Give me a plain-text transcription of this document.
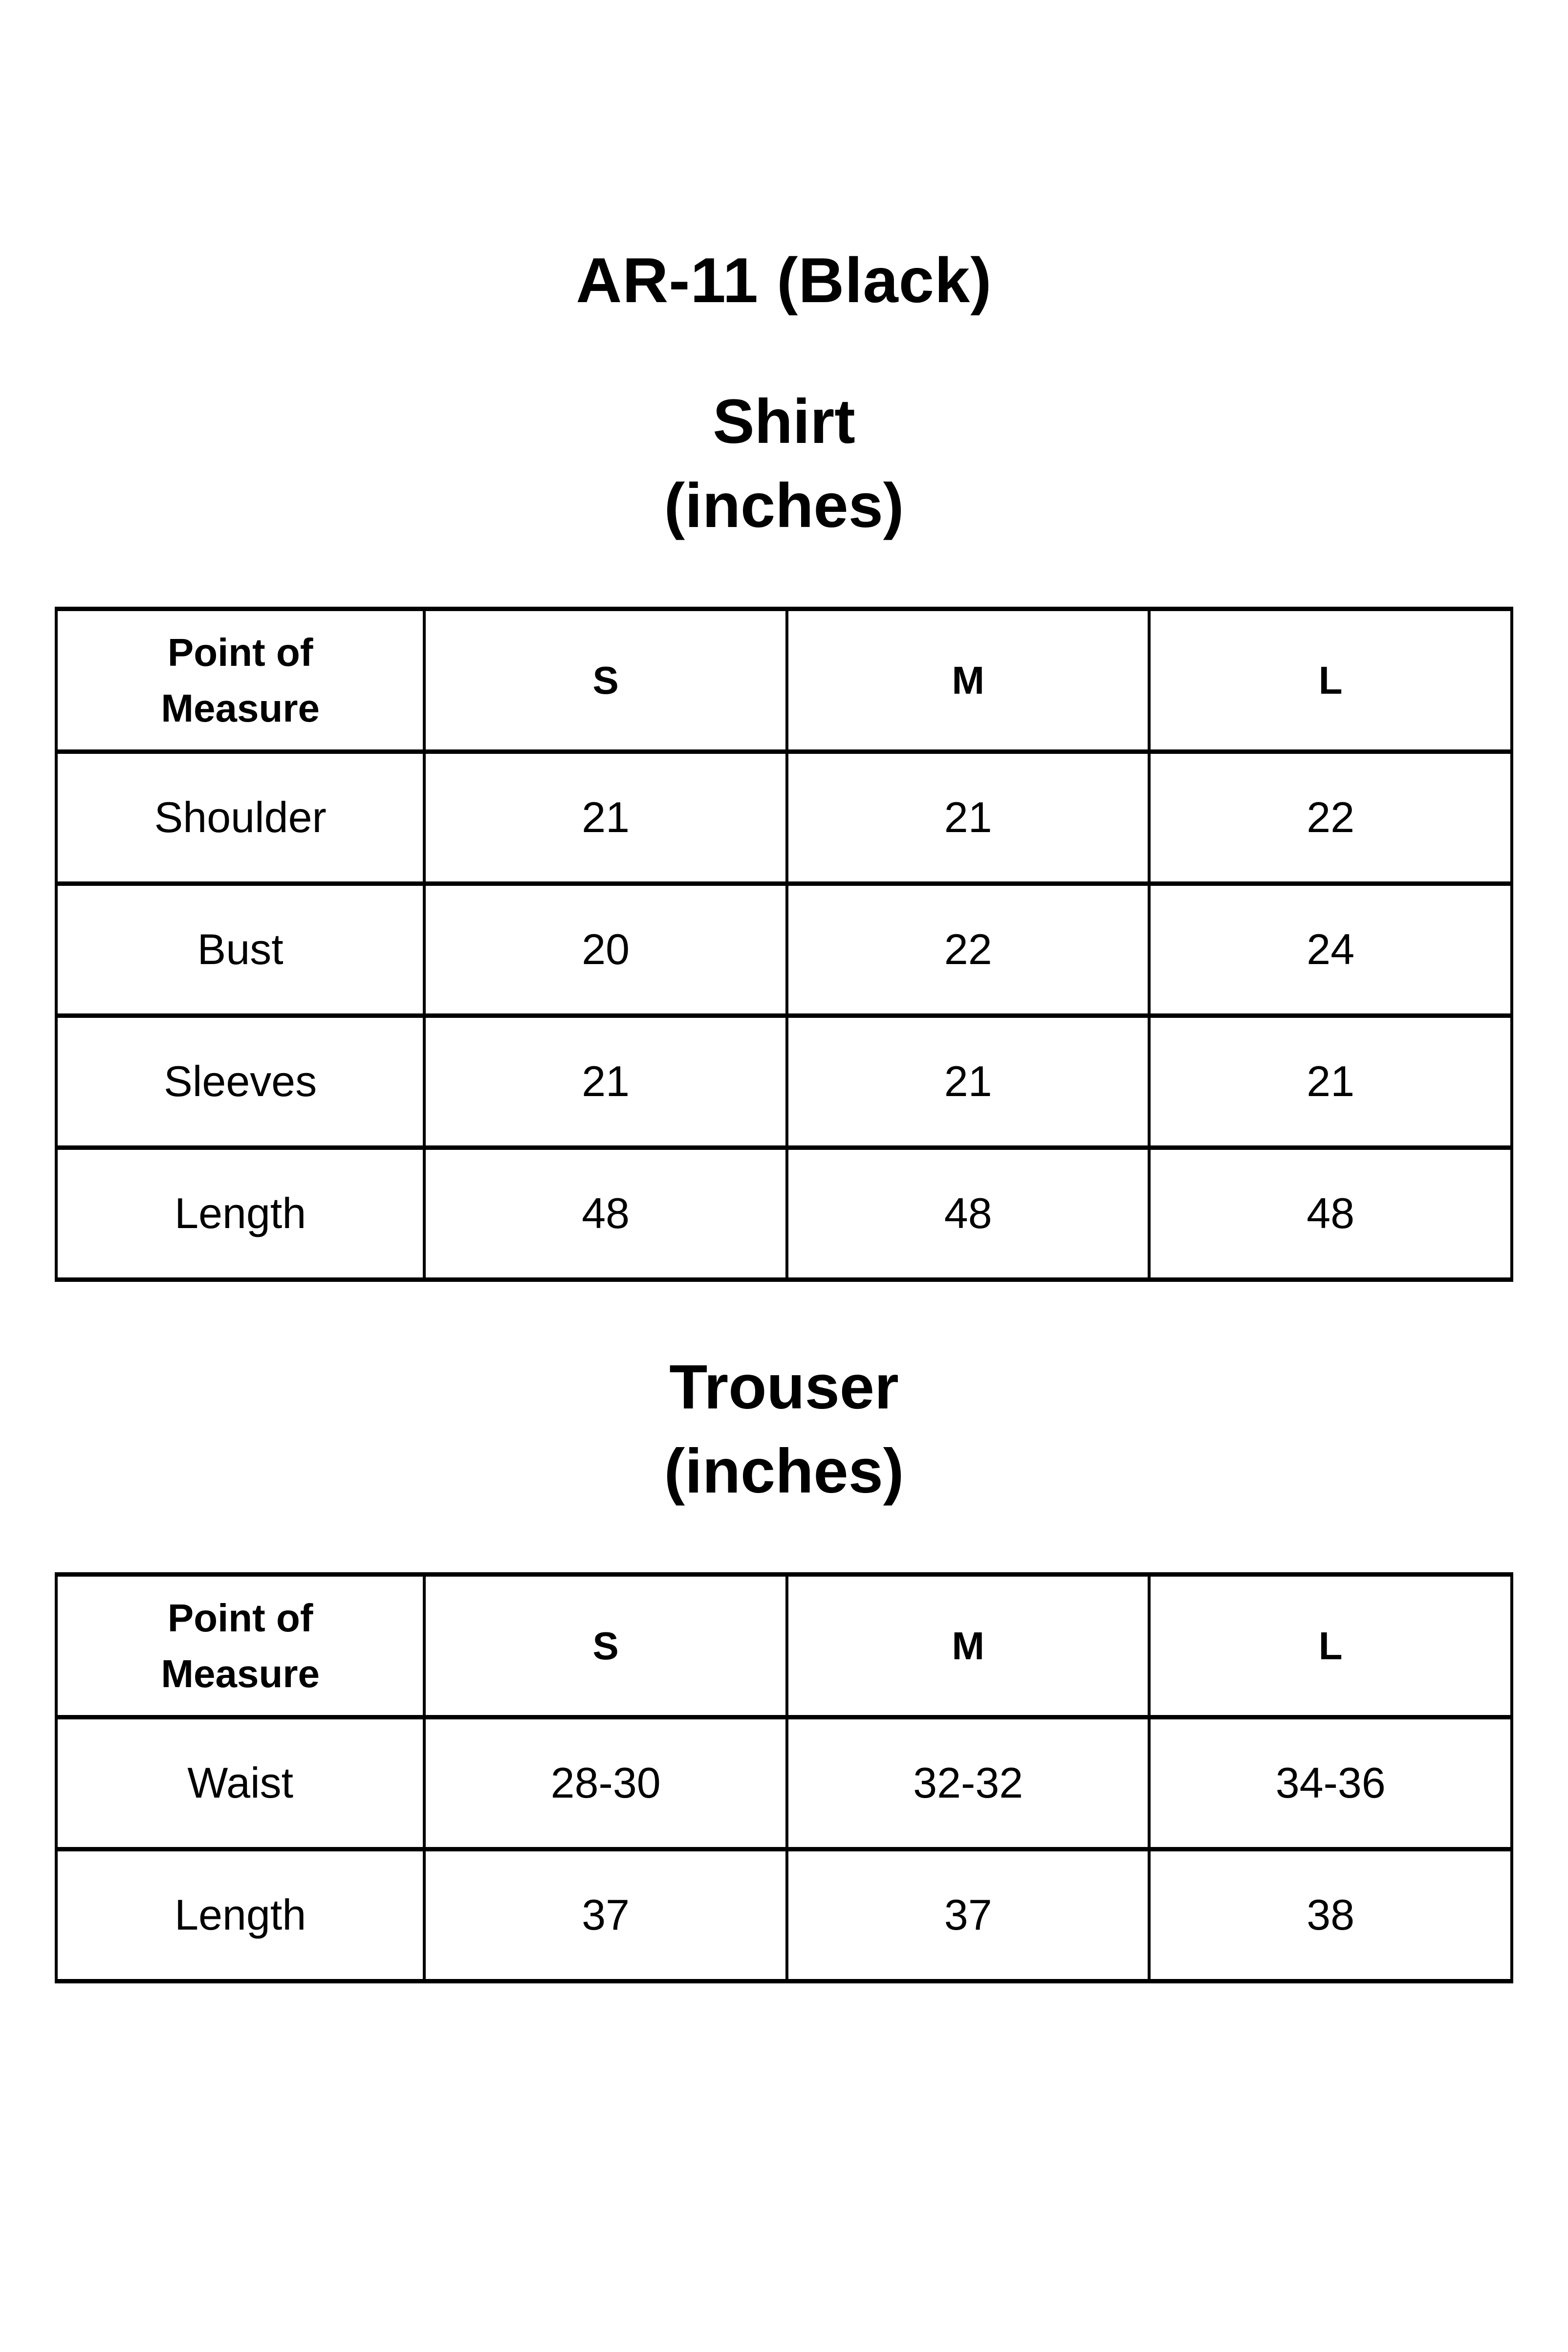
AR-11 (Black)
Shirt
(inches)
Point of Measure	S	M	L
Shoulder	21	21	22
Bust	20	22	24
Sleeves	21	21	21
Length	48	48	48
Trouser
(inches)
Point of Measure	S	M	L
Waist	28-30	32-32	34-36
Length	37	37	38
